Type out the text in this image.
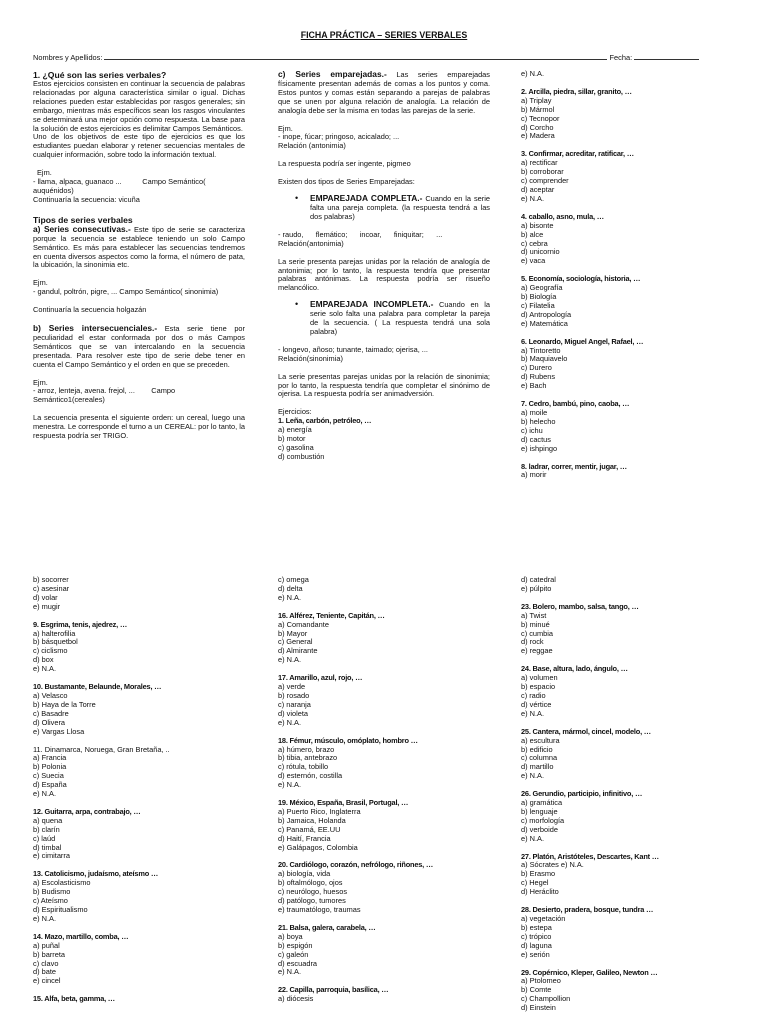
FICHA PRÁCTICA – SERIES VERBALES
Nombres y Apellidos:	Fecha:

1. ¿Qué son las series verbales?

Estos ejercicios consisten en continuar la secuencia de palabras relacionadas por alguna característica similar o igual. Dichas relaciones pueden estar establecidas por rasgos generales; sin embargo, mientras más específicos sean los rasgos vinculantes se determinará una mejor opción como respuesta. La base para la solución de estos ejercicios es delimitar Campos Semánticos.

Uno de los objetivos de este tipo de ejercicios es que los estudiantes puedan elaborar y retener secuencias mentales de cualquier información, sobre todo la información textual.

Ejm.

- llama, alpaca, guanaco ...          Campo Semántico(

auquénidos)

Continuaría la secuencia: vicuña

Tipos de series verbales

a) Series consecutivas.- Este tipo de serie se caracteriza porque la secuencia se establece teniendo un solo Campo Semántico. Es más para establecer las secuencias tendremos en cuenta diversos aspectos como la forma, el número de pata, la ubicación, la sinonimia etc.

Ejm.

- gandul, poltrón, pigre, ... Campo Semántico( sinonimia)

Continuaría la secuencia holgazán

b) Series intersecuenciales.- Esta serie tiene por peculiaridad el estar conformada por dos o más Campos Semánticos que se van intercalando en la secuencia presentada. Para resolver este tipo de serie debe tener en cuenta el Campo Semántico y el orden en que se preceden.

Ejm.

- arroz, lenteja, avena. frejol, ...        Campo

Semántico1(cereales)

La secuencia presenta el siguiente orden: un cereal, luego una menestra. Le corresponde el turno a un CEREAL: por lo tanto, la respuesta podría ser TRIGO.

c) Series emparejadas.- Las series emparejadas físicamente presentan además de comas a los puntos y coma. Estos puntos y comas están separando a parejas de palabras que se unen por alguna relación de analogía. La relación de analogía debe ser la misma en todas las parejas de la serie.

Ejm.

- inope, fúcar; pringoso, acicalado; ...

Relación (antonimia)

La respuesta podría ser ingente, pigmeo

Existen dos tipos de Series Emparejadas:

• EMPAREJADA COMPLETA.- Cuando en la serie falta una pareja completa. (la respuesta tendrá a las dos palabras)

- raudo,      flemático;      incoar,      finiquitar;      ...

Relación(antonimia)

La serie presenta parejas unidas por la relación de analogía de antonimia; por lo tanto, la respuesta tendría que presentar palabras antónimas. La respuesta podría ser risueño melancólico.

• EMPAREJADA INCOMPLETA.- Cuando en la serie solo falta una palabra para completar la pareja de la secuencia. ( La respuesta tendrá una sola palabra)

- longevo, añoso; tunante, taimado; ojerisa, ...

Relación(sinonimia)

La serie presentas parejas unidas por la relación de sinonimia; por lo tanto, la respuesta tendría que completar el sinónimo de ojerisa. La respuesta podría ser animadversión.

Ejercicios:

1. Leña, carbón, petróleo, …

a) energía

b) motor

c) gasolina

d) combustión

e) N.A.

2. Arcilla, piedra, sillar, granito, …

a) Triplay

b) Mármol

c) Tecnopor

d) Corcho

e) Madera

3. Confirmar, acreditar, ratificar, …

a) rectificar

b) corroborar

c) comprender

d) aceptar

e) N.A.

4. caballo, asno, mula, …

a) bisonte

b) alce

c) cebra

d) unicornio

e) vaca

5. Economía, sociología, historia, …

a) Geografía

b) Biología

c) Filatelia

d) Antropología

e) Matemática

6. Leonardo, Miguel Angel, Rafael, …

a) Tintoretto

b) Maquiavelo

c) Durero

d) Rubens

e) Bach

7. Cedro, bambú, pino, caoba, …

a) moile

b) helecho

c) ichu

d) cactus

e) ishpingo

8. ladrar, correr, mentir, jugar, …

a) morir

b) socorrer

c) asesinar

d) volar

e) mugir

9. Esgrima, tenis, ajedrez, …

a) halterofilia

b) básquetbol

c) ciclismo

d) box

e) N.A.

10. Bustamante, Belaunde, Morales, …

a) Velasco

b) Haya de la Torre

c) Basadre

d) Olivera

e) Vargas Llosa

11. Dinamarca, Noruega, Gran Bretaña, ..

a) Francia

b) Polonia

c) Suecia

d) España

e) N.A.

12. Guitarra, arpa, contrabajo, …

a) quena

b) clarín

c) laúd

d) timbal

e) cimitarra

13. Catolicismo, judaísmo, ateísmo …

a) Escolasticismo

b) Budismo

c) Ateísmo

d) Espiritualismo

e) N.A.

14. Mazo, martillo, comba, …

a) puñal

b) barreta

c) clavo

d) bate

e) cincel

15. Alfa, beta, gamma, …

c) omega

d) delta

e) N.A.

16. Alférez, Teniente, Capitán, …

a) Comandante

b) Mayor

c) General

d) Almirante

e) N.A.

17. Amarillo, azul, rojo, …

a) verde

b) rosado

c) naranja

d) violeta

e) N.A.

18. Fémur, músculo, omóplato, hombro …

a) húmero, brazo

b) tibia, antebrazo

c) rótula, tobillo

d) esternón, costilla

e) N.A.

19. México, España, Brasil, Portugal, …

a) Puerto Rico, Inglaterra

b) Jamaica, Holanda

c) Panamá, EE.UU

d) Haití, Francia

e) Galápagos, Colombia

20. Cardiólogo, corazón, nefrólogo, riñones, …

a) biología, vida

b) oftalmólogo, ojos

c) neurólogo, huesos

d) patólogo, tumores

e) traumatólogo, traumas

21. Balsa, galera, carabela, …

a) boya

b) espigón

c) galeón

d) escuadra

e) N.A.

22. Capilla, parroquia, basílica, …

a) diócesis

d) catedral

e) púlpito

23. Bolero, mambo, salsa, tango, …

a) Twist

b) minué

c) cumbia

d) rock

e) reggae

24. Base, altura, lado, ángulo, …

a) volumen

b) espacio

c) radio

d) vértice

e) N.A.

25. Cantera, mármol, cincel, modelo, …

a) escultura

b) edificio

c) columna

d) martillo

e) N.A.

26. Gerundio, participio, infinitivo, …

a) gramática

b) lenguaje

c) morfología

d) verboide

e) N.A.

27. Platón, Aristóteles, Descartes, Kant …

a) Sócrates e) N.A.

b) Erasmo

c) Hegel

d) Heráclito

28. Desierto, pradera, bosque, tundra …

a) vegetación

b) estepa

c) trópico

d) laguna

e) serión

29. Copérnico, Kleper, Galileo, Newton …

a) Ptolomeo

b) Comte

c) Champollion

d) Einstein
